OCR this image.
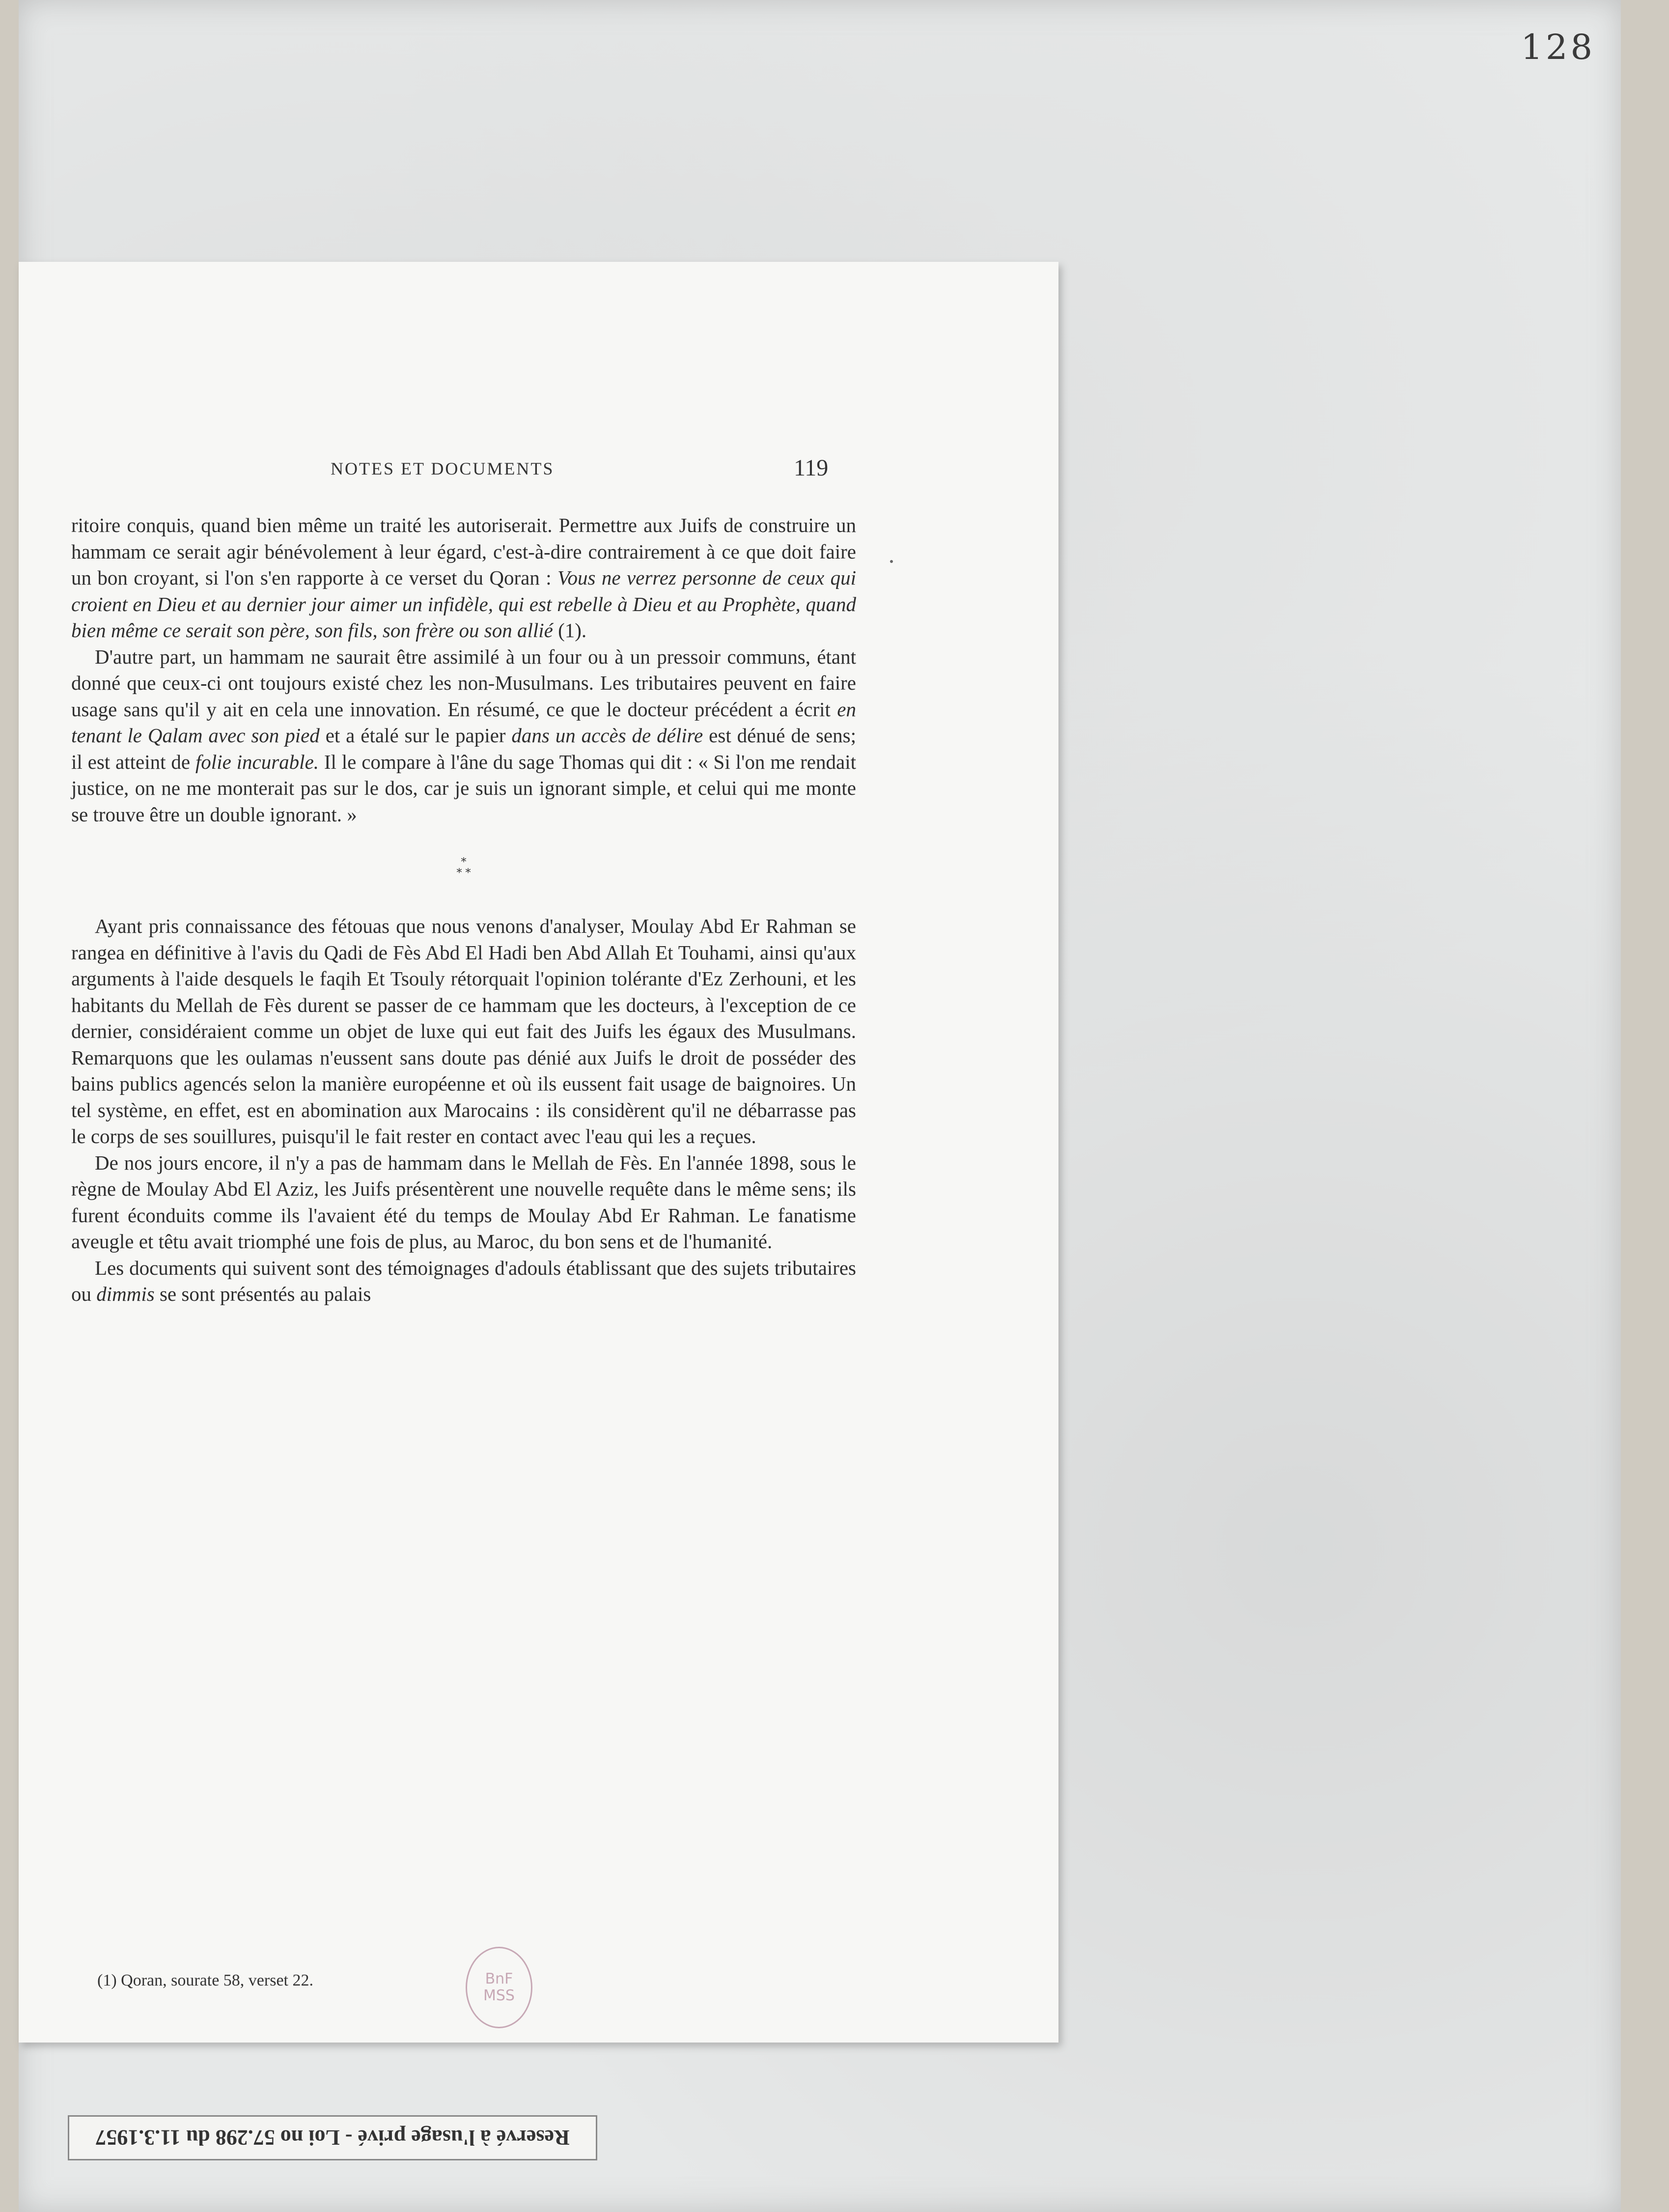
128
NOTES ET DOCUMENTS	119

ritoire conquis, quand bien même un traité les autoriserait. Permettre aux Juifs de construire un hammam ce serait agir bénévolement à leur égard, c'est-à-dire contrairement à ce que doit faire un bon croyant, si l'on s'en rapporte à ce verset du Qoran : Vous ne verrez personne de ceux qui croient en Dieu et au dernier jour aimer un infidèle, qui est rebelle à Dieu et au Prophète, quand bien même ce serait son père, son fils, son frère ou son allié (1).

D'autre part, un hammam ne saurait être assimilé à un four ou à un pressoir communs, étant donné que ceux-ci ont toujours existé chez les non-Musulmans. Les tributaires peuvent en faire usage sans qu'il y ait en cela une innovation. En résumé, ce que le docteur précédent a écrit en tenant le Qalam avec son pied et a étalé sur le papier dans un accès de délire est dénué de sens; il est atteint de folie incurable. Il le compare à l'âne du sage Thomas qui dit : « Si l'on me rendait justice, on ne me monterait pas sur le dos, car je suis un ignorant simple, et celui qui me monte se trouve être un double ignorant. »

*
* *

Ayant pris connaissance des fétouas que nous venons d'analyser, Moulay Abd Er Rahman se rangea en définitive à l'avis du Qadi de Fès Abd El Hadi ben Abd Allah Et Touhami, ainsi qu'aux arguments à l'aide desquels le faqih Et Tsouly rétorquait l'opinion tolérante d'Ez Zerhouni, et les habitants du Mellah de Fès durent se passer de ce hammam que les docteurs, à l'exception de ce dernier, considéraient comme un objet de luxe qui eut fait des Juifs les égaux des Musulmans. Remarquons que les oulamas n'eussent sans doute pas dénié aux Juifs le droit de posséder des bains publics agencés selon la manière européenne et où ils eussent fait usage de baignoires. Un tel système, en effet, est en abomination aux Marocains : ils considèrent qu'il ne débarrasse pas le corps de ses souillures, puisqu'il le fait rester en contact avec l'eau qui les a reçues.

De nos jours encore, il n'y a pas de hammam dans le Mellah de Fès. En l'année 1898, sous le règne de Moulay Abd El Aziz, les Juifs présentèrent une nouvelle requête dans le même sens; ils furent éconduits comme ils l'avaient été du temps de Moulay Abd Er Rahman. Le fanatisme aveugle et têtu avait triomphé une fois de plus, au Maroc, du bon sens et de l'humanité.

Les documents qui suivent sont des témoignages d'adouls établissant que des sujets tributaires ou dimmis se sont présentés au palais

(1) Qoran, sourate 58, verset 22.	BnF
MSS
Reservé à l'usage privé - Loi no 57.298 du 11.3.1957
